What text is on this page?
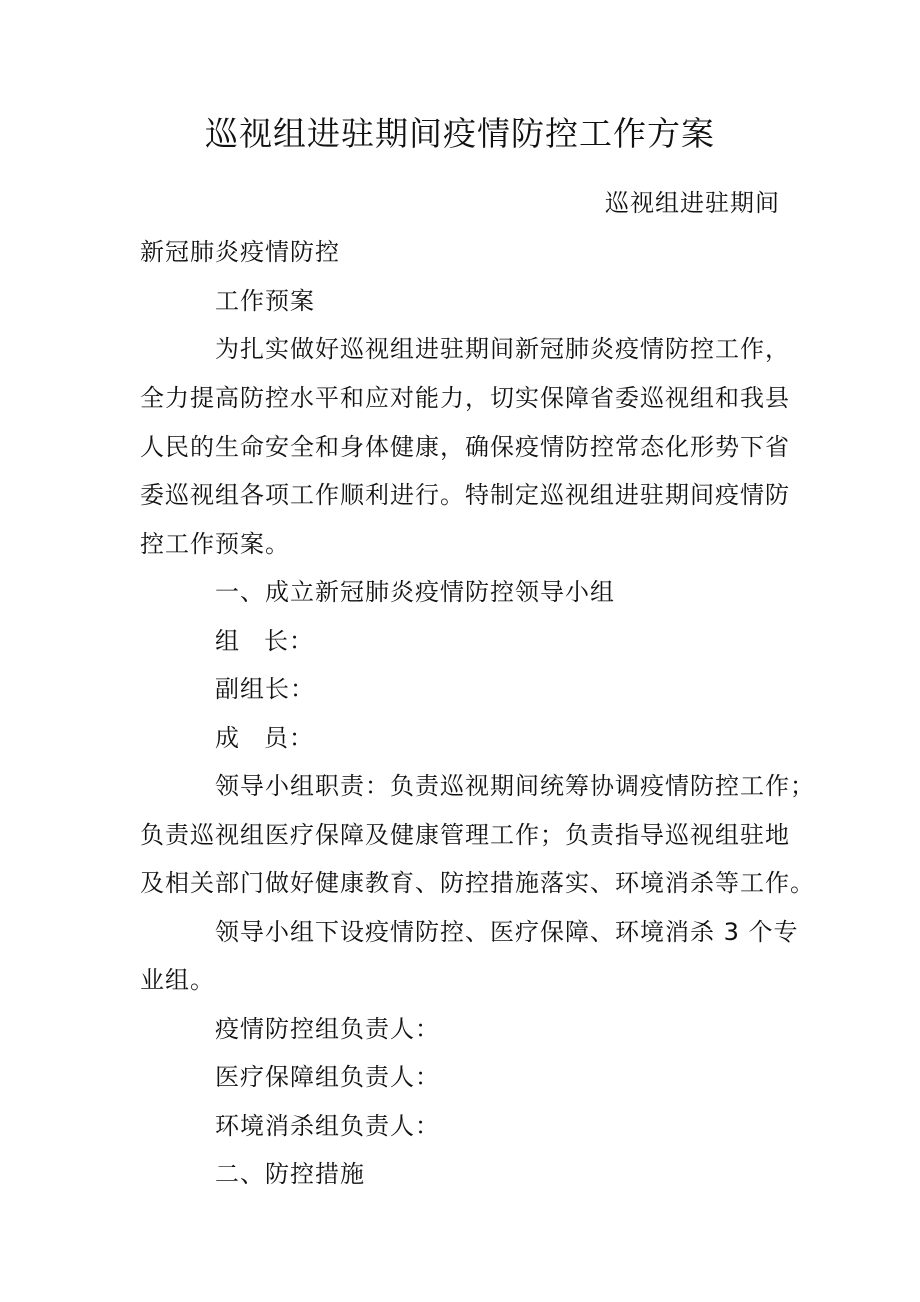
巡视组进驻期间疫情防控工作方案
巡视组进驻期间
新冠肺炎疫情防控
工作预案
为扎实做好巡视组进驻期间新冠肺炎疫情防控工作，
全力提高防控水平和应对能力，切实保障省委巡视组和我县
人民的生命安全和身体健康，确保疫情防控常态化形势下省
委巡视组各项工作顺利进行。特制定巡视组进驻期间疫情防
控工作预案。
一、成立新冠肺炎疫情防控领导小组
组 长：
副组长：
成 员：
领导小组职责：负责巡视期间统筹协调疫情防控工作；
负责巡视组医疗保障及健康管理工作；负责指导巡视组驻地
及相关部门做好健康教育、防控措施落实、环境消杀等工作。
领导小组下设疫情防控、医疗保障、环境消杀 3 个专
业组。
疫情防控组负责人：
医疗保障组负责人：
环境消杀组负责人：
二、防控措施
